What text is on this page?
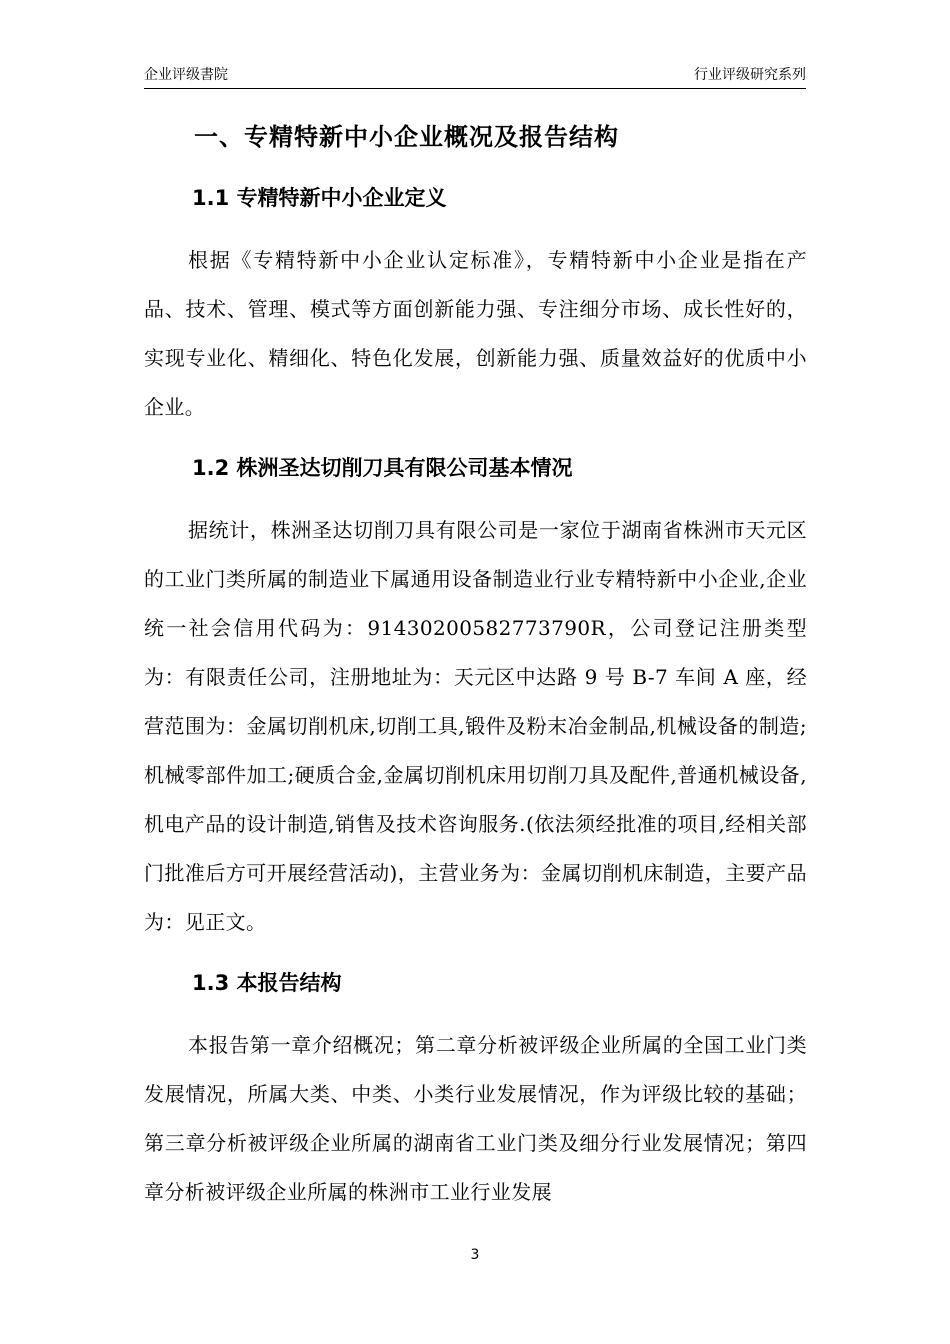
企业评级書院	行业评级研究系列
一、专精特新中小企业概况及报告结构
1.1 专精特新中小企业定义

根据《专精特新中小企业认定标准》，专精特新中小企业是指在产品、技术、管理、模式等方面创新能力强、专注细分市场、成长性好的，实现专业化、精细化、特色化发展，创新能力强、质量效益好的优质中小企业。

1.2 株洲圣达切削刀具有限公司基本情况

据统计，株洲圣达切削刀具有限公司是一家位于湖南省株洲市天元区的工业门类所属的制造业下属通用设备制造业行业专精特新中小企业,企业统一社会信用代码为：91430200582773790R，公司登记注册类型为：有限责任公司，注册地址为：天元区中达路 9 号 B-7 车间 A 座，经营范围为：金属切削机床,切削工具,锻件及粉末冶金制品,机械设备的制造;机械零部件加工;硬质合金,金属切削机床用切削刀具及配件,普通机械设备,机电产品的设计制造,销售及技术咨询服务.(依法须经批准的项目,经相关部门批准后方可开展经营活动)，主营业务为：金属切削机床制造，主要产品为：见正文。

1.3 本报告结构

本报告第一章介绍概况；第二章分析被评级企业所属的全国工业门类发展情况，所属大类、中类、小类行业发展情况，作为评级比较的基础；第三章分析被评级企业所属的湖南省工业门类及细分行业发展情况；第四章分析被评级企业所属的株洲市工业行业发展

3
